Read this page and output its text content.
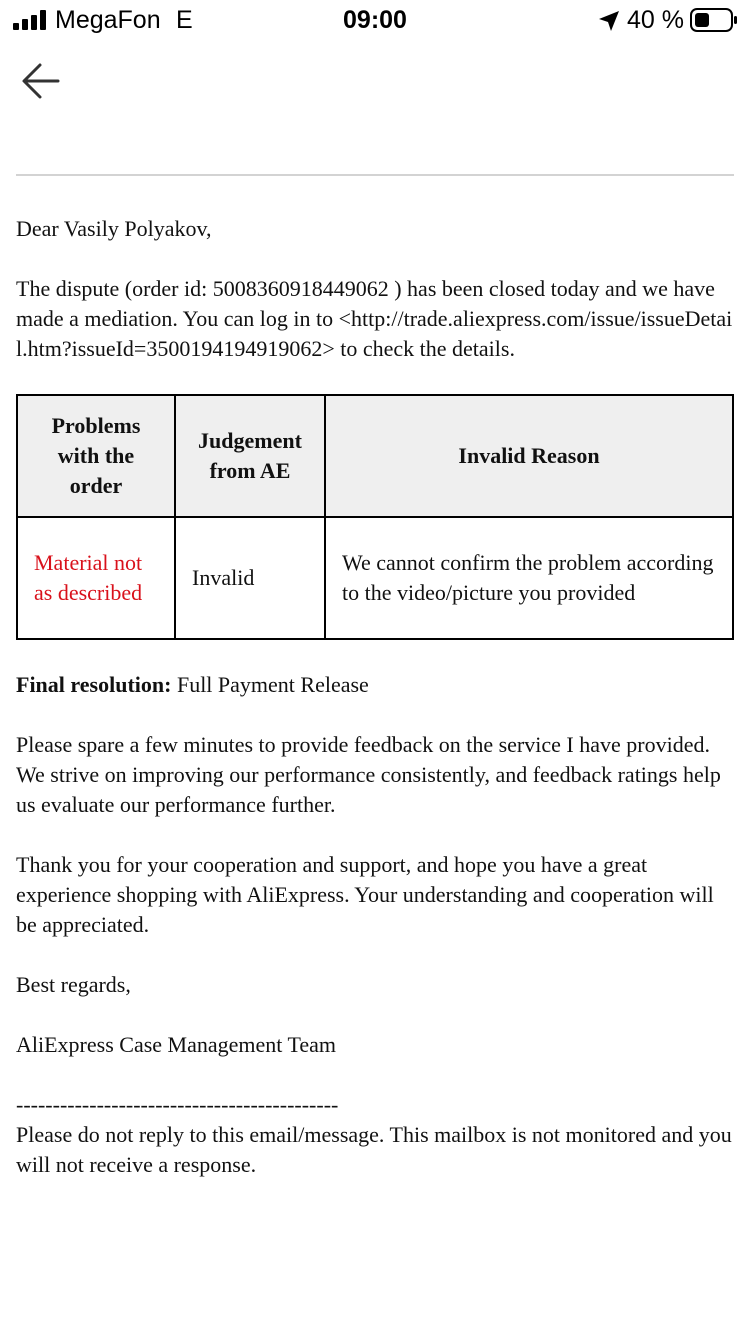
MegaFon E	09:00	40 %

Dear Vasily Polyakov,

The dispute (order id: 5008360918449062 ) has been closed today and we have made a mediation. You can log in to <http://trade.aliexpress.com/issue/issueDetail.htm?issueId=3500194194919062> to check the details.

Problems with the order	Judgement from AE	Invalid Reason
Material not as described	Invalid	We cannot confirm the problem according to the video/picture you provided

Final resolution: Full Payment Release

Please spare a few minutes to provide feedback on the service I have provided. We strive on improving our performance consistently, and feedback ratings help us evaluate our performance further.

Thank you for your cooperation and support, and hope you have a great experience shopping with AliExpress. Your understanding and cooperation will be appreciated.

Best regards,

AliExpress Case Management Team

--------------------------------------------

Please do not reply to this email/message. This mailbox is not monitored and you will not receive a response.
